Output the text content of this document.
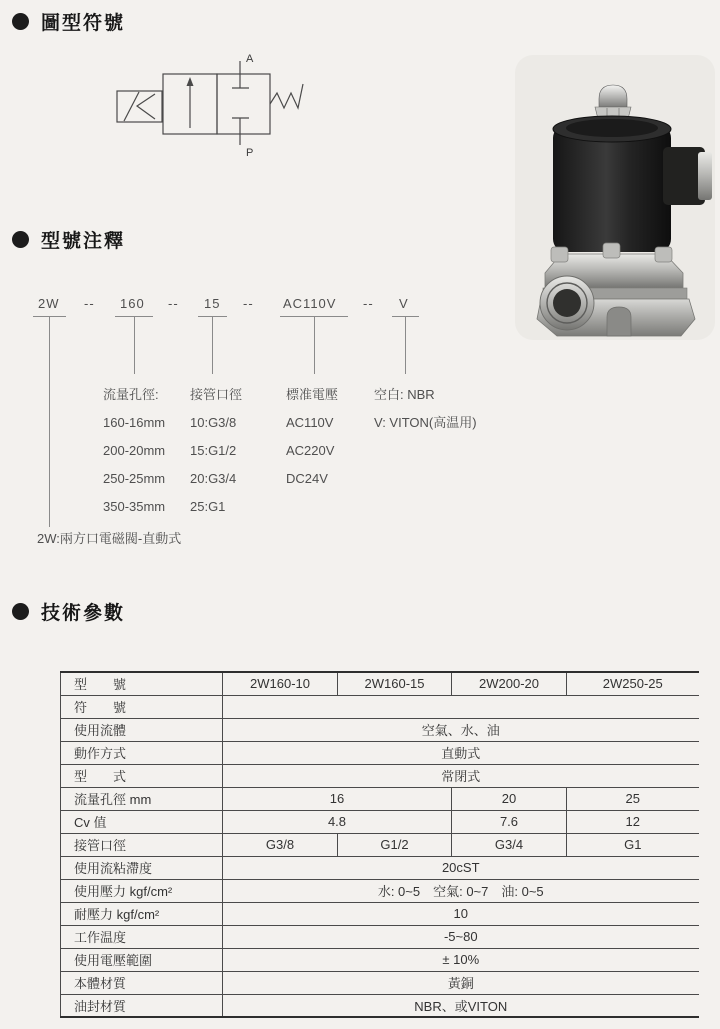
圖型符號
A
P
型號注釋
2W -- 160 -- 15 -- AC110V -- V
流量孔徑:
160-16mm
200-20mm
250-25mm
350-35mm
接管口徑
10:G3/8
15:G1/2
20:G3/4
25:G1
標准電壓
AC110V
AC220V
DC24V
空白: NBR
V: VITON(高温用)
2W:兩方口電磁閥-直動式
技術參數
型　　號	2W160-10	2W160-15	2W200-20	2W250-25
符　　號				
使用流體	空氣、水、油			
動作方式	直動式			
型　　式	常閉式			
流量孔徑 mm	16		20	25
Cv 值	4.8		7.6	12
接管口徑	G3/8	G1/2	G3/4	G1
使用流粘滯度	20cST			
使用壓力 kgf/cm²	水: 0~5　空氣: 0~7　油: 0~5			
耐壓力 kgf/cm²	10			
工作温度	-5~80			
使用電壓範圍	± 10%			
本體材質	黃銅			
油封材質	NBR、或VITON			
